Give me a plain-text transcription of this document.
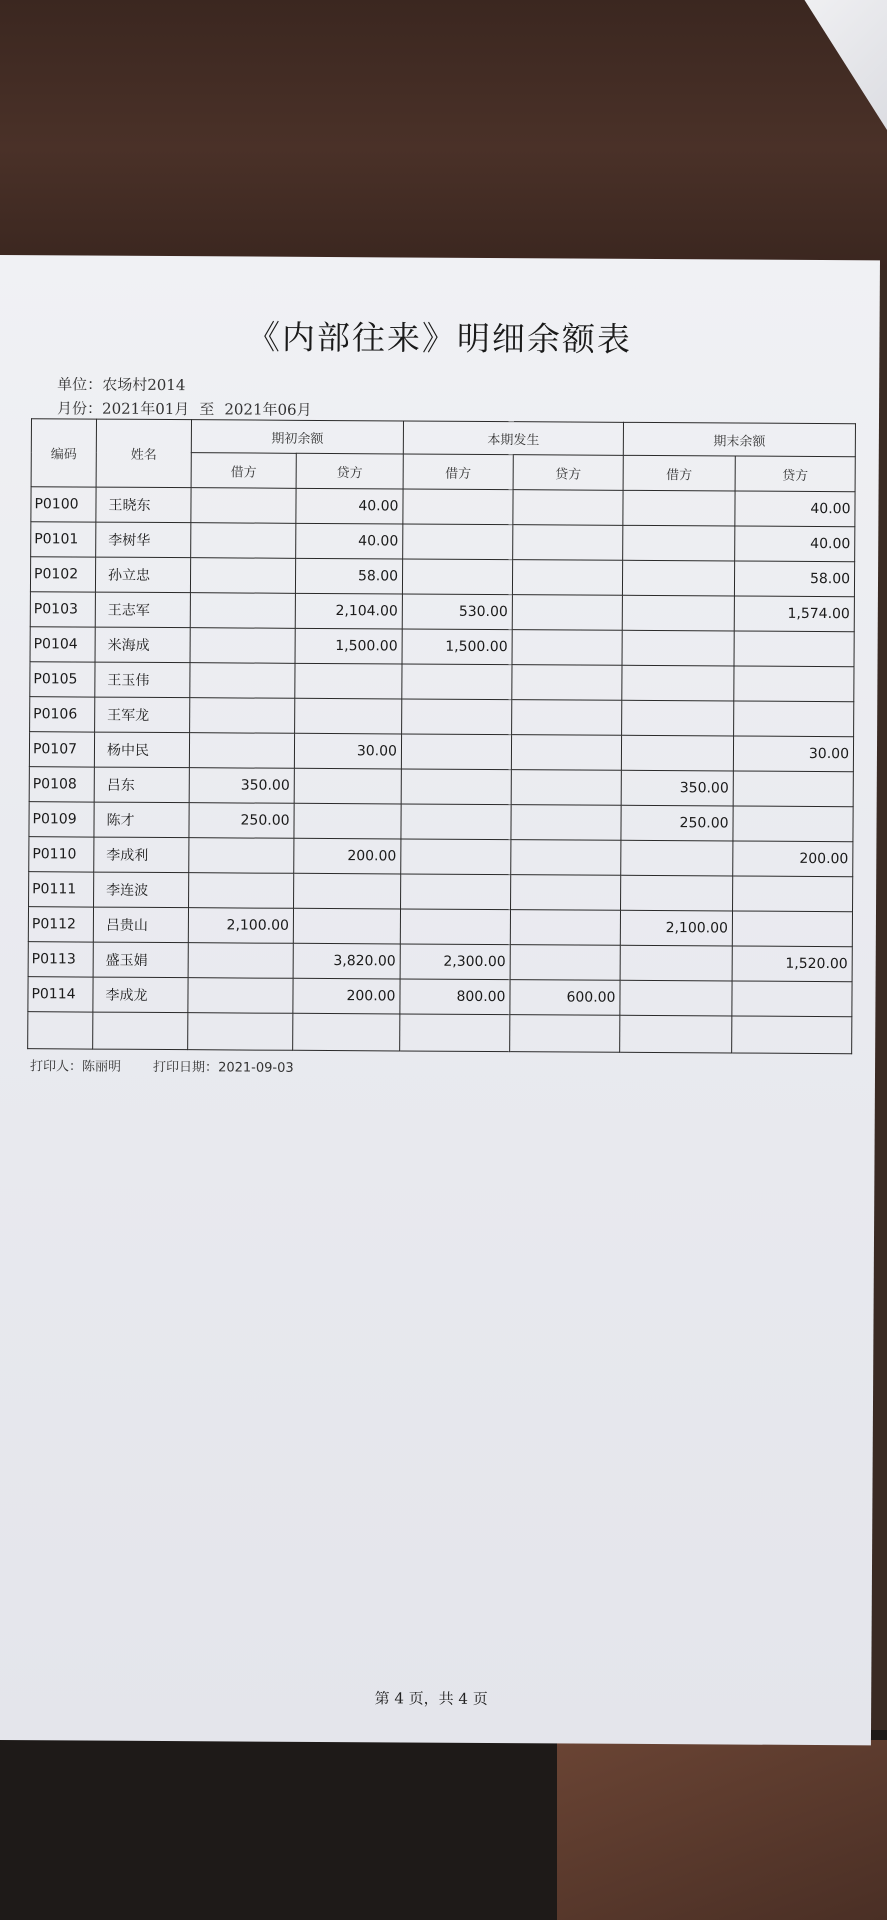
《内部往来》明细余额表
单位：农场村2014
月份：2021年01月 至 2021年06月
编码	姓名	期初余额		本期发生		期末余额	
		借方	贷方	借方	贷方	借方	贷方
P0100	王晓东		40.00				40.00
P0101	李树华		40.00				40.00
P0102	孙立忠		58.00				58.00
P0103	王志军		2,104.00	530.00			1,574.00
P0104	米海成		1,500.00	1,500.00			
P0105	王玉伟						
P0106	王军龙						
P0107	杨中民		30.00				30.00
P0108	吕东	350.00				350.00	
P0109	陈才	250.00				250.00	
P0110	李成利		200.00				200.00
P0111	李连波						
P0112	吕贵山	2,100.00				2,100.00	
P0113	盛玉娟		3,820.00	2,300.00			1,520.00
P0114	李成龙		200.00	800.00	600.00		

打印人：陈丽明 打印日期：2021-09-03
第 4 页，共 4 页
